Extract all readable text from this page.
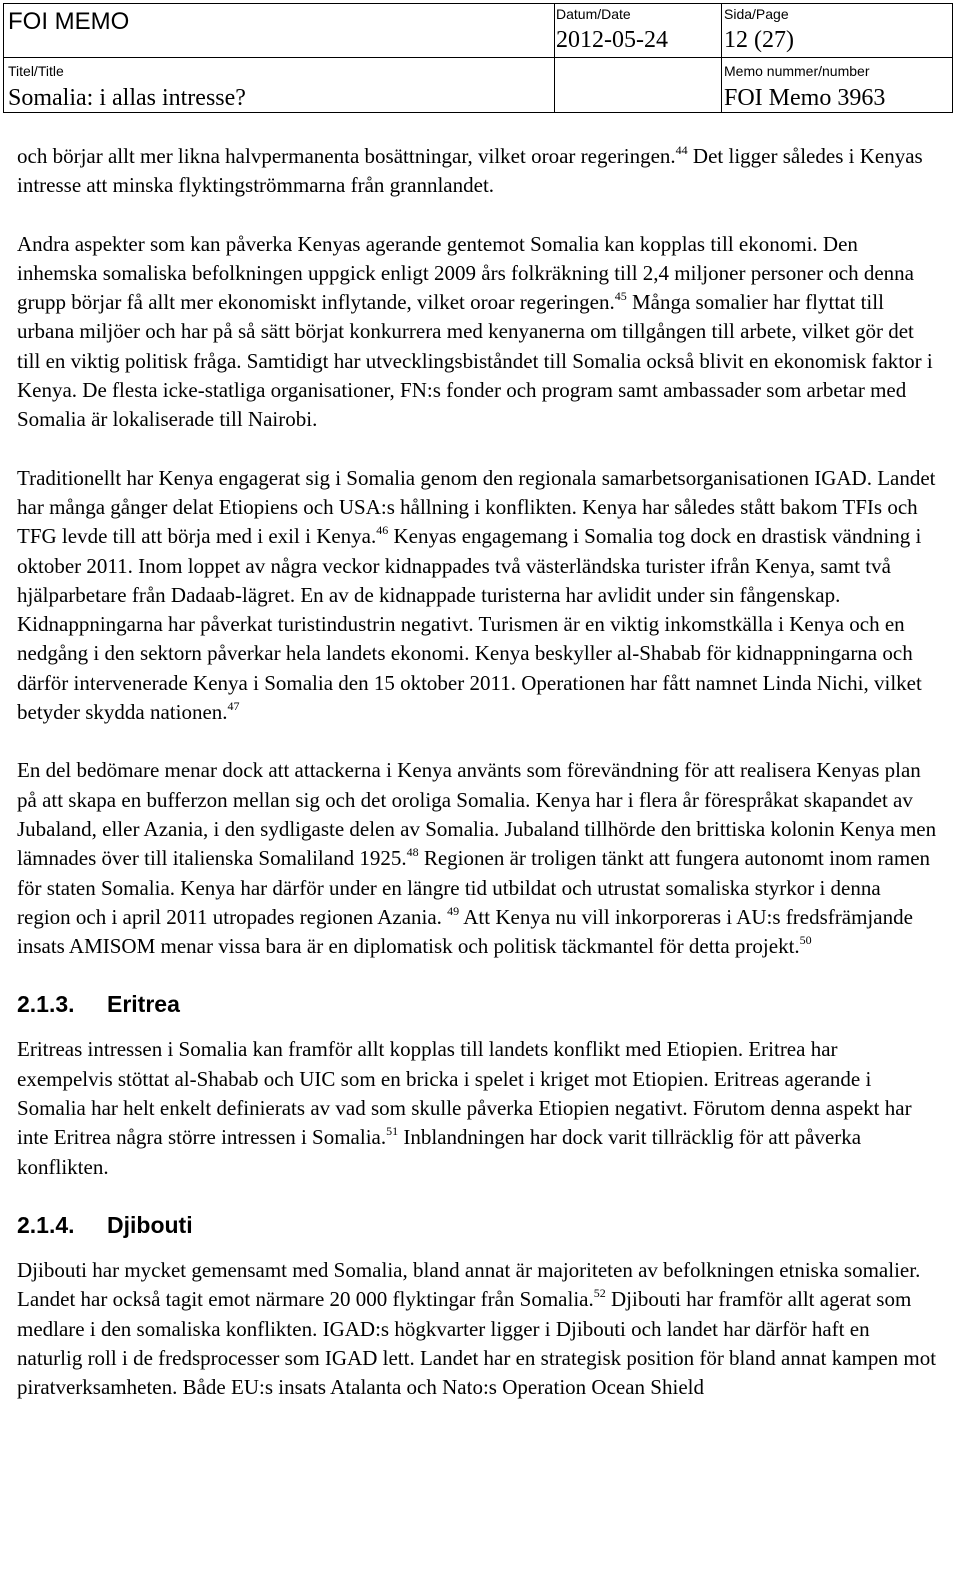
FOI MEMO	Datum/Date
2012-05-24
Sida/Page
12 (27)
Titel/Title
Somalia: i allas intresse?
Memo nummer/number
FOI Memo 3963

och börjar allt mer likna halvpermanenta bosättningar, vilket oroar regeringen.$^{44}$ Det ligger således i Kenyas intresse att minska flyktingströmmarna från grannlandet.

Andra aspekter som kan påverka Kenyas agerande gentemot Somalia kan kopplas till ekonomi. Den inhemska somaliska befolkningen uppgick enligt 2009 års folkräkning till 2,4 miljoner personer och denna grupp börjar få allt mer ekonomiskt inflytande, vilket oroar regeringen.$^{45}$ Många somalier har flyttat till urbana miljöer och har på så sätt börjat konkurrera med kenyanerna om tillgången till arbete, vilket gör det till en viktig politisk fråga. Samtidigt har utvecklingsbiståndet till Somalia också blivit en ekonomisk faktor i Kenya. De flesta icke-statliga organisationer, FN:s fonder och program samt ambassader som arbetar med Somalia är lokaliserade till Nairobi.

Traditionellt har Kenya engagerat sig i Somalia genom den regionala samarbetsorganisationen IGAD. Landet har många gånger delat Etiopiens och USA:s hållning i konflikten. Kenya har således stått bakom TFIs och TFG levde till att börja med i exil i Kenya.$^{46}$ Kenyas engagemang i Somalia tog dock en drastisk vändning i oktober 2011. Inom loppet av några veckor kidnappades två västerländska turister ifrån Kenya, samt två hjälparbetare från Dadaab-lägret. En av de kidnappade turisterna har avlidit under sin fångenskap. Kidnappningarna har påverkat turistindustrin negativt. Turismen är en viktig inkomstkälla i Kenya och en nedgång i den sektorn påverkar hela landets ekonomi. Kenya beskyller al-Shabab för kidnappningarna och därför intervenerade Kenya i Somalia den 15 oktober 2011. Operationen har fått namnet Linda Nichi, vilket betyder skydda nationen.$^{47}$

En del bedömare menar dock att attackerna i Kenya använts som förevändning för att realisera Kenyas plan på att skapa en bufferzon mellan sig och det oroliga Somalia. Kenya har i flera år förespråkat skapandet av Jubaland, eller Azania, i den sydligaste delen av Somalia. Jubaland tillhörde den brittiska kolonin Kenya men lämnades över till italienska Somaliland 1925.48 Regionen är troligen tänkt att fungera autonomt inom ramen för staten Somalia. Kenya har därför under en längre tid utbildat och utrustat somaliska styrkor i denna region och i april 2011 utropades regionen Azania. $^{49}$ Att Kenya nu vill inkorporeras i AU:s fredsfrämjande insats AMISOM menar vissa bara är en diplomatisk och politisk täckmantel för detta projekt.$^{50}$

2.1.3. Eritrea

Eritreas intressen i Somalia kan framför allt kopplas till landets konflikt med Etiopien. Eritrea har exempelvis stöttat al-Shabab och UIC som en bricka i spelet i kriget mot Etiopien. Eritreas agerande i Somalia har helt enkelt definierats av vad som skulle påverka Etiopien negativt. Förutom denna aspekt har inte Eritrea några större intressen i Somalia.$^{51}$ Inblandningen har dock varit tillräcklig för att påverka konflikten.

2.1.4. Djibouti

Djibouti har mycket gemensamt med Somalia, bland annat är majoriteten av befolkningen etniska somalier. Landet har också tagit emot närmare 20 000 flyktingar från Somalia.$^{52}$ Djibouti har framför allt agerat som medlare i den somaliska konflikten. IGAD:s högkvarter ligger i Djibouti och landet har därför haft en naturlig roll i de fredsprocesser som IGAD lett. Landet har en strategisk position för bland annat kampen mot piratverksamheten. Både EU:s insats Atalanta och Nato:s Operation Ocean Shield
